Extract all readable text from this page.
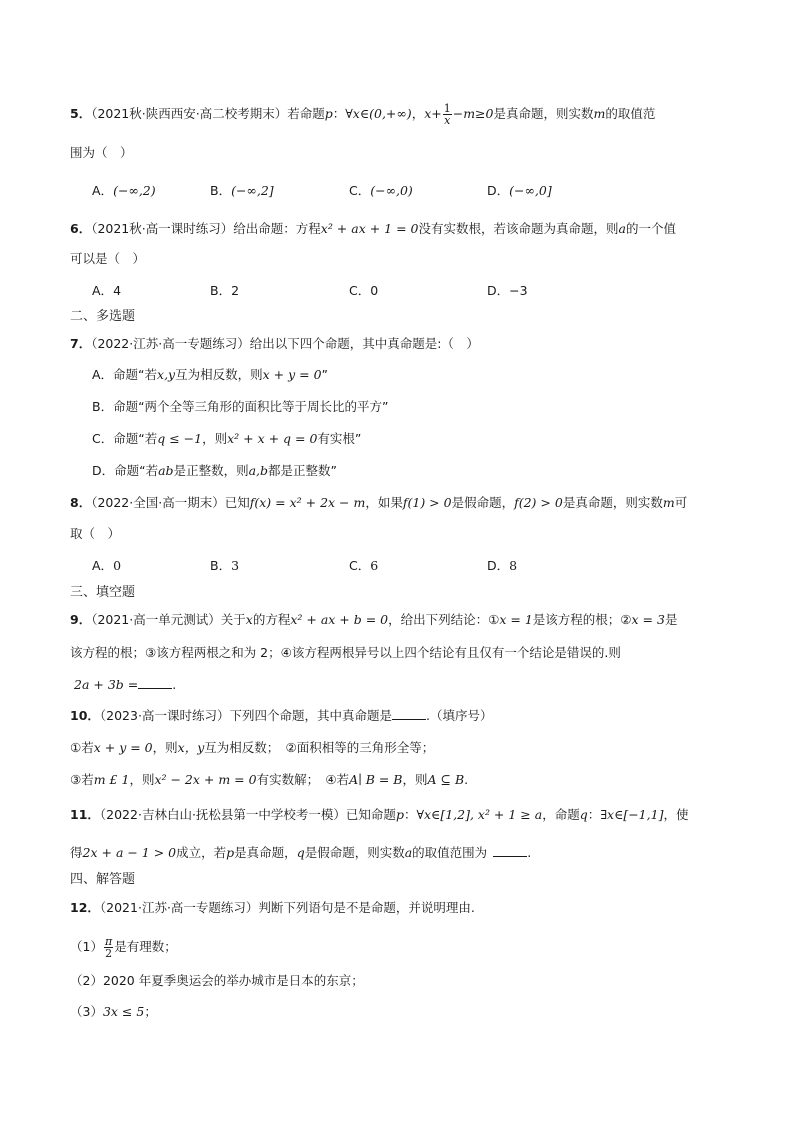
5．（2021秋·陕西西安·高二校考期末）若命题p：∀x∈(0,+∞)，$x+ \frac{1}{x} -m\ge 0$是真命题，则实数m的取值范
围为（　）
A．(−∞,2)	B．(−∞,2]	C．(−∞,0)	D．(−∞,0]
6．（2021秋·高一课时练习）给出命题：方程x² + ax + 1 = 0没有实数根，若该命题为真命题，则a的一个值
可以是（　）
A．4	B．2	C．0	D．−3
二、多选题
7．（2022·江苏·高一专题练习）给出以下四个命题，其中真命题是:（　）
A．命题“若x,y互为相反数，则x + y = 0”
B．命题“两个全等三角形的面积比等于周长比的平方”
C．命题“若q ≤ −1，则x² + x + q = 0有实根”
D．命题“若ab是正整数，则a,b都是正整数”
8．（2022·全国·高一期末）已知f(x) = x² + 2x − m，如果f(1) > 0是假命题，f(2) > 0是真命题，则实数m可
取（　）
A．0	B．3	C．6	D．8
三、填空题
9．（2021·高一单元测试）关于x的方程x² + ax + b = 0，给出下列结论：①x = 1是该方程的根；②x = 3是
该方程的根；③该方程两根之和为 2；④该方程两根异号以上四个结论有且仅有一个结论是错误的.则
2a + 3b =	.
10．（2023·高一课时练习）下列四个命题，其中真命题是	.（填序号）
①若x + y = 0，则x，y互为相反数；　②面积相等的三角形全等；
③若m £ 1，则x² − 2x + m = 0有实数解；　④若A∣ B = B，则A ⊆ B.
11．（2022·吉林白山·抚松县第一中学校考一模）已知命题p：∀x∈[1,2], x² + 1 ≥ a，命题q：∃x∈[−1,1]，使
得2x + a − 1 > 0成立，若p是真命题，q是假命题，则实数a的取值范围为	.
四、解答题
12．（2021·江苏·高一专题练习）判断下列语句是不是命题，并说明理由.
$(1) \frac{\pi}{2}$ 是有理数；
（2）2020 年夏季奥运会的举办城市是日本的东京；
（3）3x ≤ 5；
